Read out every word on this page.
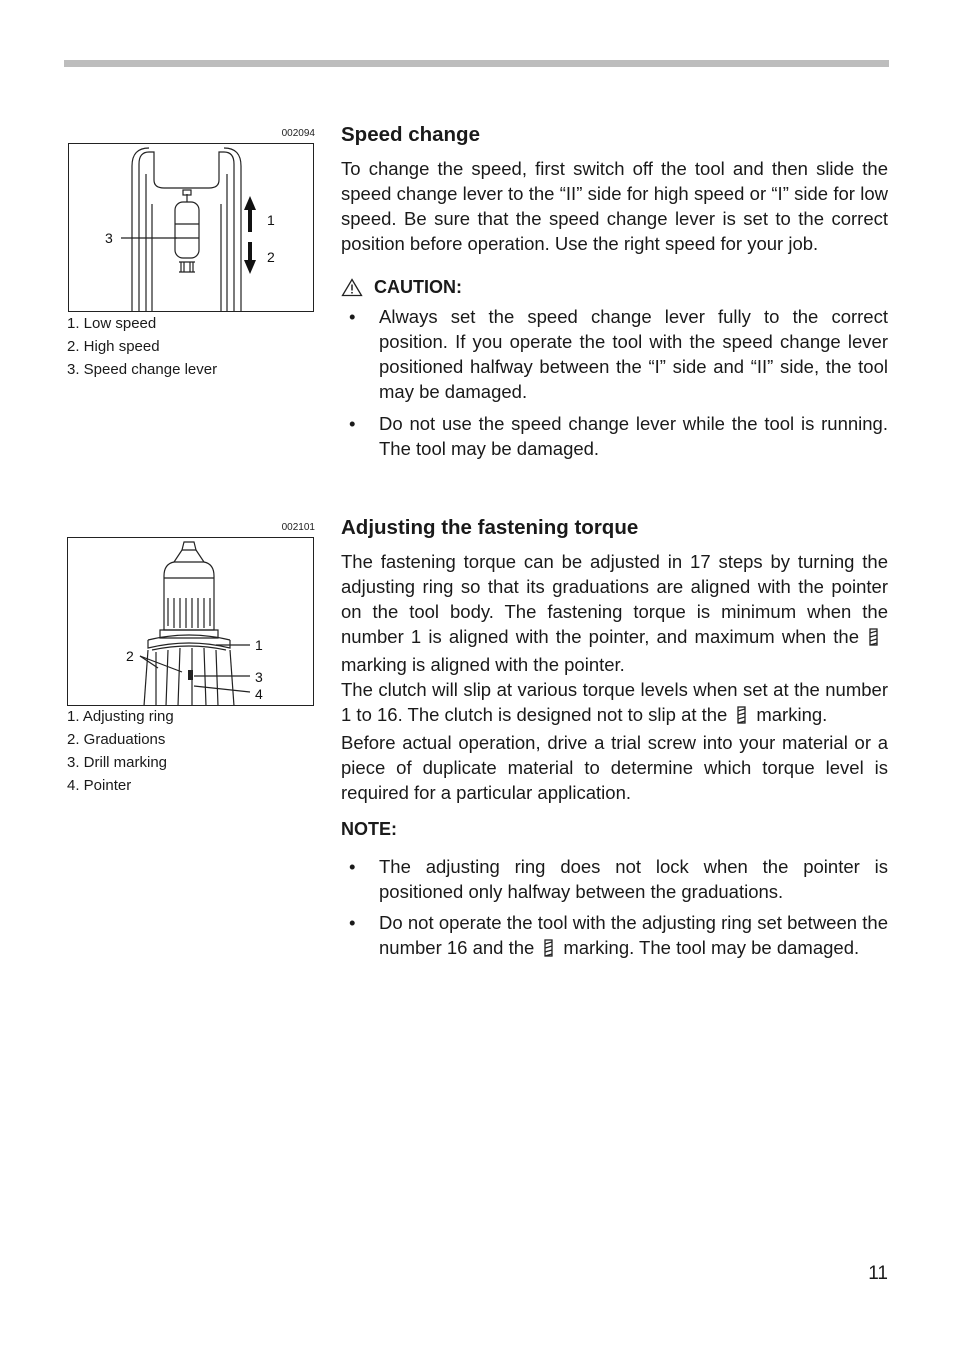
002094
1
2
3
1. Low speed
2. High speed
3. Speed change lever
002101
1
2
3
4
1. Adjusting ring
2. Graduations
3. Drill marking
4. Pointer
Speed change

To change the speed, first switch off the tool and then slide the speed change lever to the “II” side for high speed or “I” side for low speed. Be sure that the speed change lever is set to the correct position before operation. Use the right speed for your job.

CAUTION:
• Always set the speed change lever fully to the correct position. If you operate the tool with the speed change lever positioned halfway between the “I” side and “II” side, the tool may be damaged.
• Do not use the speed change lever while the tool is running. The tool may be damaged.
Adjusting the fastening torque

The fastening torque can be adjusted in 17 steps by turning the adjusting ring so that its graduations are aligned with the pointer on the tool body. The fastening torque is minimum when the number 1 is aligned with the pointer, and maximum when themarking is aligned with the pointer.

The clutch will slip at various torque levels when set at the number 1 to 16. The clutch is designed not to slip at the marking.

Before actual operation, drive a trial screw into your material or a piece of duplicate material to determine which torque level is required for a particular application.

NOTE:
• The adjusting ring does not lock when the pointer is positioned only halfway between the graduations.
• Do not operate the tool with the adjusting ring set between the number 16 and the marking. The tool may be damaged.
11
